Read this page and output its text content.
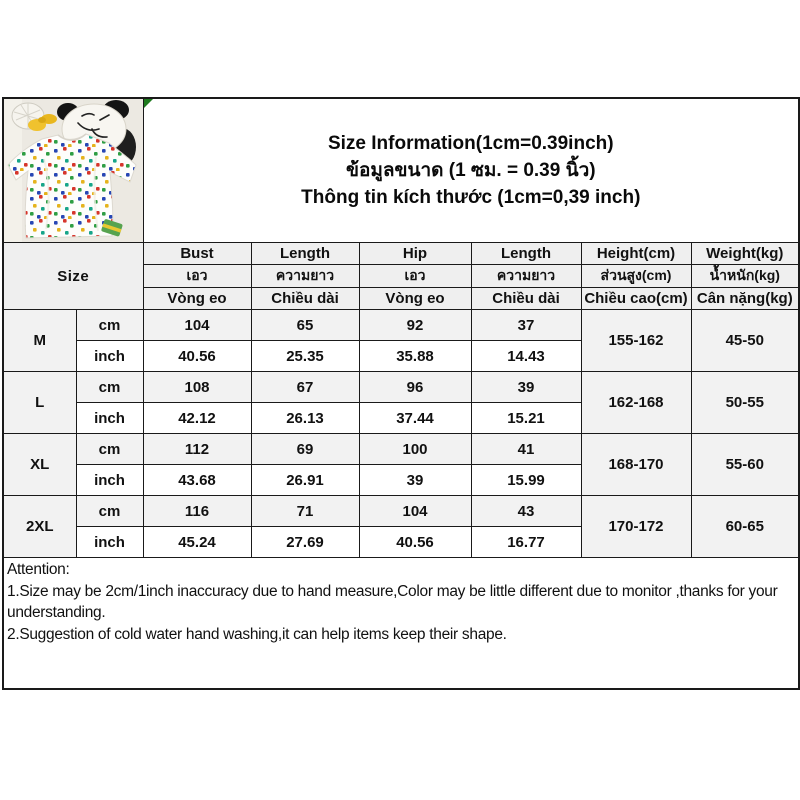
Size Information(1cm=0.39inch)
ข้อมูลขนาด (1 ซม. = 0.39 นิ้ว)
Thông tin kích thước (1cm=0,39 inch)					

Size		Bust	Length	Hip	Length	Height(cm)	Weight(kg)
		เอว	ความยาว	เอว	ความยาว	ส่วนสูง(cm)	น้ำหนัก(kg)
		Vòng eo	Chiều dài	Vòng eo	Chiều dài	Chiều cao(cm)	Cân nặng(kg)
M	cm	104	65	92	37	155-162	45-50
	inch	40.56	25.35	35.88	14.43		
L	cm	108	67	96	39	162-168	50-55
	inch	42.12	26.13	37.44	15.21		
XL	cm	112	69	100	41	168-170	55-60
	inch	43.68	26.91	39	15.99		
2XL	cm	116	71	104	43	170-172	60-65
	inch	45.24	27.69	40.56	16.77		

Attention:
1.Size may be 2cm/1inch inaccuracy due to hand measure,Color may be little different due to monitor ,thanks for your understanding.
2.Suggestion of cold water hand washing,it can help items keep their shape.							
